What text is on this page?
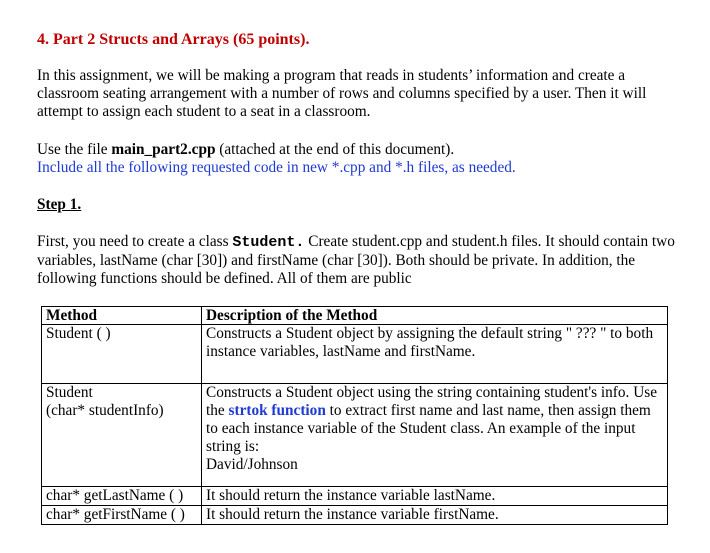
4. Part 2 Structs and Arrays (65 points).
In this assignment, we will be making a program that reads in students’ information and create a classroom seating arrangement with a number of rows and columns specified by a user. Then it will attempt to assign each student to a seat in a classroom.
Use the file main_part2.cpp (attached at the end of this document).
Include all the following requested code in new *.cpp and *.h files, as needed.
Step 1.
First, you need to create a class Student. Create student.cpp and student.h files. It should contain two variables, lastName (char [30]) and firstName (char [30]). Both should be private. In addition, the following functions should be defined. All of them are public
Method	Description of the Method
Student ( )	Constructs a Student object by assigning the default string " ??? " to both instance variables, lastName and firstName.
Student
(char* studentInfo)	Constructs a Student object using the string containing student's info. Use the strtok function to extract first name and last name, then assign them to each instance variable of the Student class. An example of the input string is:
David/Johnson
char* getLastName ( )	It should return the instance variable lastName.
char* getFirstName ( )	It should return the instance variable firstName.
